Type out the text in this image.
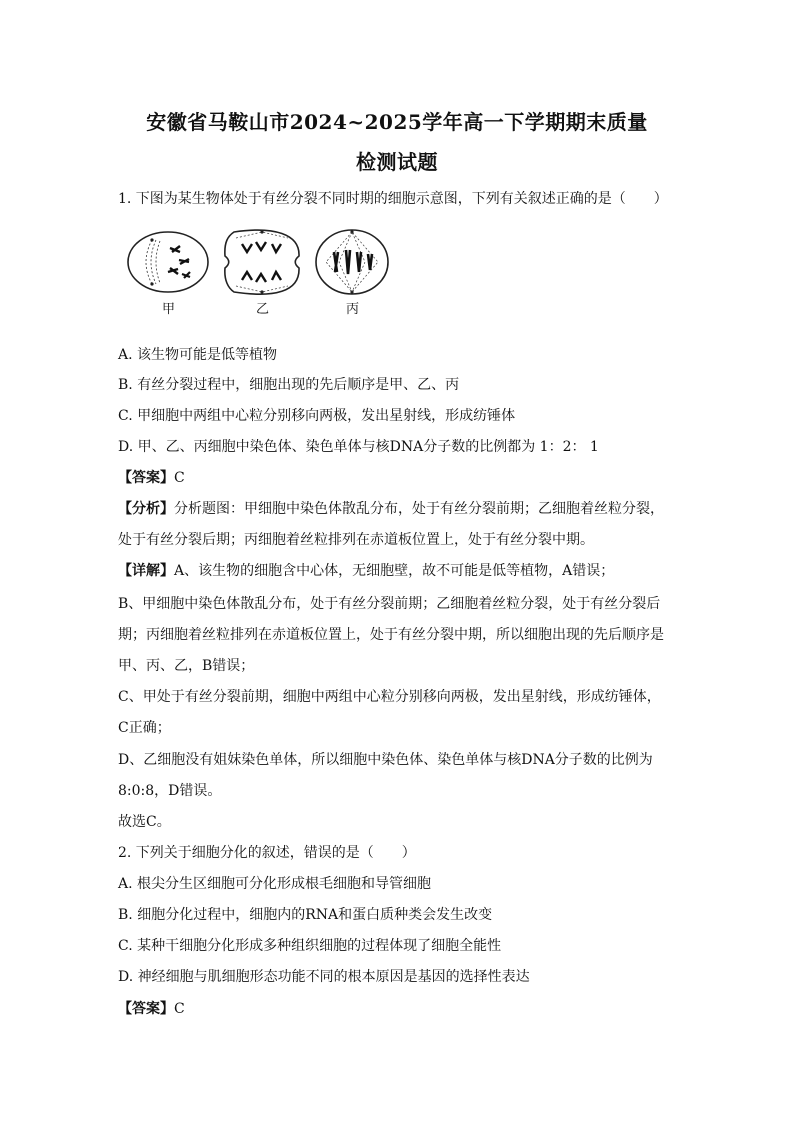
安徽省马鞍山市2024~2025学年高一下学期期末质量
检测试题
1. 下图为某生物体处于有丝分裂不同时期的细胞示意图，下列有关叙述正确的是（　　）
甲	乙	丙
A. 该生物可能是低等植物
B. 有丝分裂过程中，细胞出现的先后顺序是甲、乙、丙
C. 甲细胞中两组中心粒分别移向两极，发出星射线，形成纺锤体
D. 甲、乙、丙细胞中染色体、染色单体与核DNA分子数的比例都为 1：2： 1
【答案】C
【分析】分析题图：甲细胞中染色体散乱分布，处于有丝分裂前期；乙细胞着丝粒分裂，
处于有丝分裂后期；丙细胞着丝粒排列在赤道板位置上，处于有丝分裂中期。
【详解】A、该生物的细胞含中心体，无细胞壁，故不可能是低等植物，A错误；
B、甲细胞中染色体散乱分布，处于有丝分裂前期；乙细胞着丝粒分裂，处于有丝分裂后
期；丙细胞着丝粒排列在赤道板位置上，处于有丝分裂中期，所以细胞出现的先后顺序是
甲、丙、乙，B错误；
C、甲处于有丝分裂前期，细胞中两组中心粒分别移向两极，发出星射线，形成纺锤体，
C正确；
D、乙细胞没有姐妹染色单体，所以细胞中染色体、染色单体与核DNA分子数的比例为
8:0:8，D错误。
故选C。
2. 下列关于细胞分化的叙述，错误的是（　　）
A. 根尖分生区细胞可分化形成根毛细胞和导管细胞
B. 细胞分化过程中，细胞内的RNA和蛋白质种类会发生改变
C. 某种干细胞分化形成多种组织细胞的过程体现了细胞全能性
D. 神经细胞与肌细胞形态功能不同的根本原因是基因的选择性表达
【答案】C
